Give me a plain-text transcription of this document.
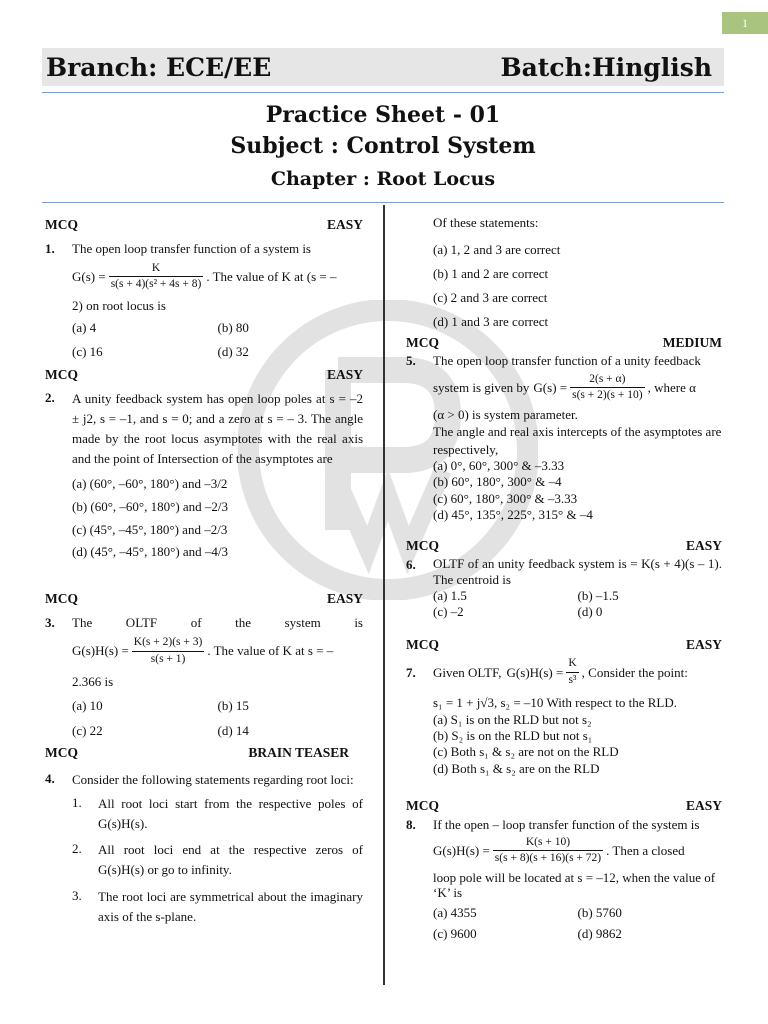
1
Branch: ECE/EE	Batch:Hinglish
Practice Sheet - 01
Subject : Control System
Chapter : Root Locus
MCQ	EASY
1.	The open loop transfer function of a system is
$G(s) = \frac{K}{\text{s(s + 4)(s² + 4s + 8)}}$ . The value of K at (s = –
2) on root locus is
(a) 4	(b) 80
(c) 16	(d) 32
MCQ	EASY
2.	A unity feedback system has open loop poles at s = –2 ± j2, s = –1, and s = 0; and a zero at s = – 3. The angle made by the root locus asymptotes with the real axis and the point of Intersection of the asymptotes are
(a) (60°, –60°, 180°) and –3/2
(b) (60°, –60°, 180°) and –2/3
(c) (45°, –45°, 180°) and –2/3
(d) (45°, –45°, 180°) and –4/3
MCQ	EASY
3.	The OLTF of the system is
$G(s)H(s) = \frac{K(s + 2)(s + 3)}{s(s + 1)}$ . The value of K at s = –
2.366 is
(a) 10	(b) 15
(c) 22	(d) 14
MCQ	BRAIN TEASER
4.	Consider the following statements regarding root loci:
1.	All root loci start from the respective poles of G(s)H(s).
2.	All root loci end at the respective zeros of G(s)H(s) or go to infinity.
3.	The root loci are symmetrical about the imaginary axis of the s-plane.
Of these statements:
(a) 1, 2 and 3 are correct
(b) 1 and 2 are correct
(c) 2 and 3 are correct
(d) 1 and 3 are correct
MCQ	MEDIUM
5.	The open loop transfer function of a unity feedback
system is given by $G(s) = \frac{2(s + \alpha)}{s(s + 2)(s + 10)}$ , where α
(α > 0) is system parameter.
The angle and real axis intercepts of the asymptotes are respectively,
(a) 0°, 60°, 300° & –3.33
(b) 60°, 180°, 300° & –4
(c) 60°, 180°, 300° & –3.33
(d) 45°, 135°, 225°, 315° & –4
MCQ	EASY
6.	OLTF of an unity feedback system is = K(s + 4)(s – 1). The centroid is
(a) 1.5	(b) –1.5
(c) –2	(d) 0
MCQ	EASY
7.	Given OLTF, $G(s)H(s) = \frac{K}{\text{s³}}$ , Consider the point:
s₁ = 1 + j√3, s₂ = –10 With respect to the RLD.
(a) S₁ is on the RLD but not s₂
(b) S₂ is on the RLD but not s₁
(c) Both s₁ & s₂ are not on the RLD
(d) Both s₁ & s₂ are on the RLD
MCQ	EASY
8.	If the open – loop transfer function of the system is
$G(s)H(s) = \frac{K(s + 10)}{s(s + 8)(s + 16)(s + 72)}$ . Then a closed
loop pole will be located at s = –12, when the value of ‘K’ is
(a) 4355	(b) 5760
(c) 9600	(d) 9862
